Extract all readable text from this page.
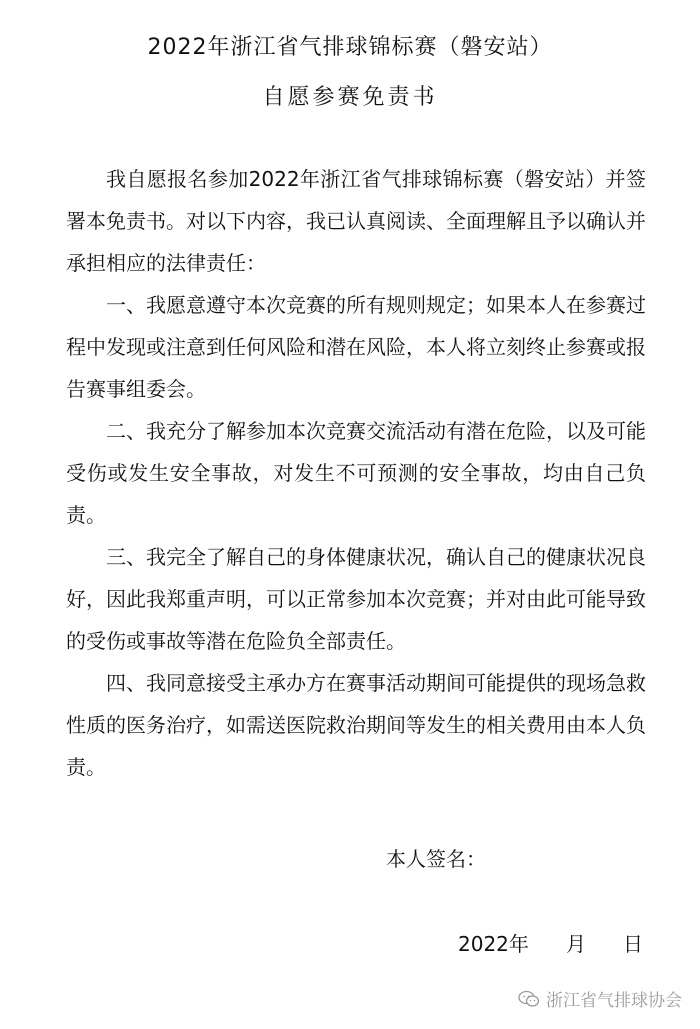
2022年浙江省气排球锦标赛（磐安站）
自愿参赛免责书

我自愿报名参加2022年浙江省气排球锦标赛（磐安站）并签署本免责书。对以下内容，我已认真阅读、全面理解且予以确认并承担相应的法律责任：

一、我愿意遵守本次竞赛的所有规则规定；如果本人在参赛过程中发现或注意到任何风险和潜在风险，本人将立刻终止参赛或报告赛事组委会。

二、我充分了解参加本次竞赛交流活动有潜在危险，以及可能受伤或发生安全事故，对发生不可预测的安全事故，均由自己负责。

三、我完全了解自己的身体健康状况，确认自己的健康状况良好，因此我郑重声明，可以正常参加本次竞赛；并对由此可能导致的受伤或事故等潜在危险负全部责任。

四、我同意接受主承办方在赛事活动期间可能提供的现场急救性质的医务治疗，如需送医院救治期间等发生的相关费用由本人负责。

本人签名：
2022年 月 日
浙江省气排球协会
